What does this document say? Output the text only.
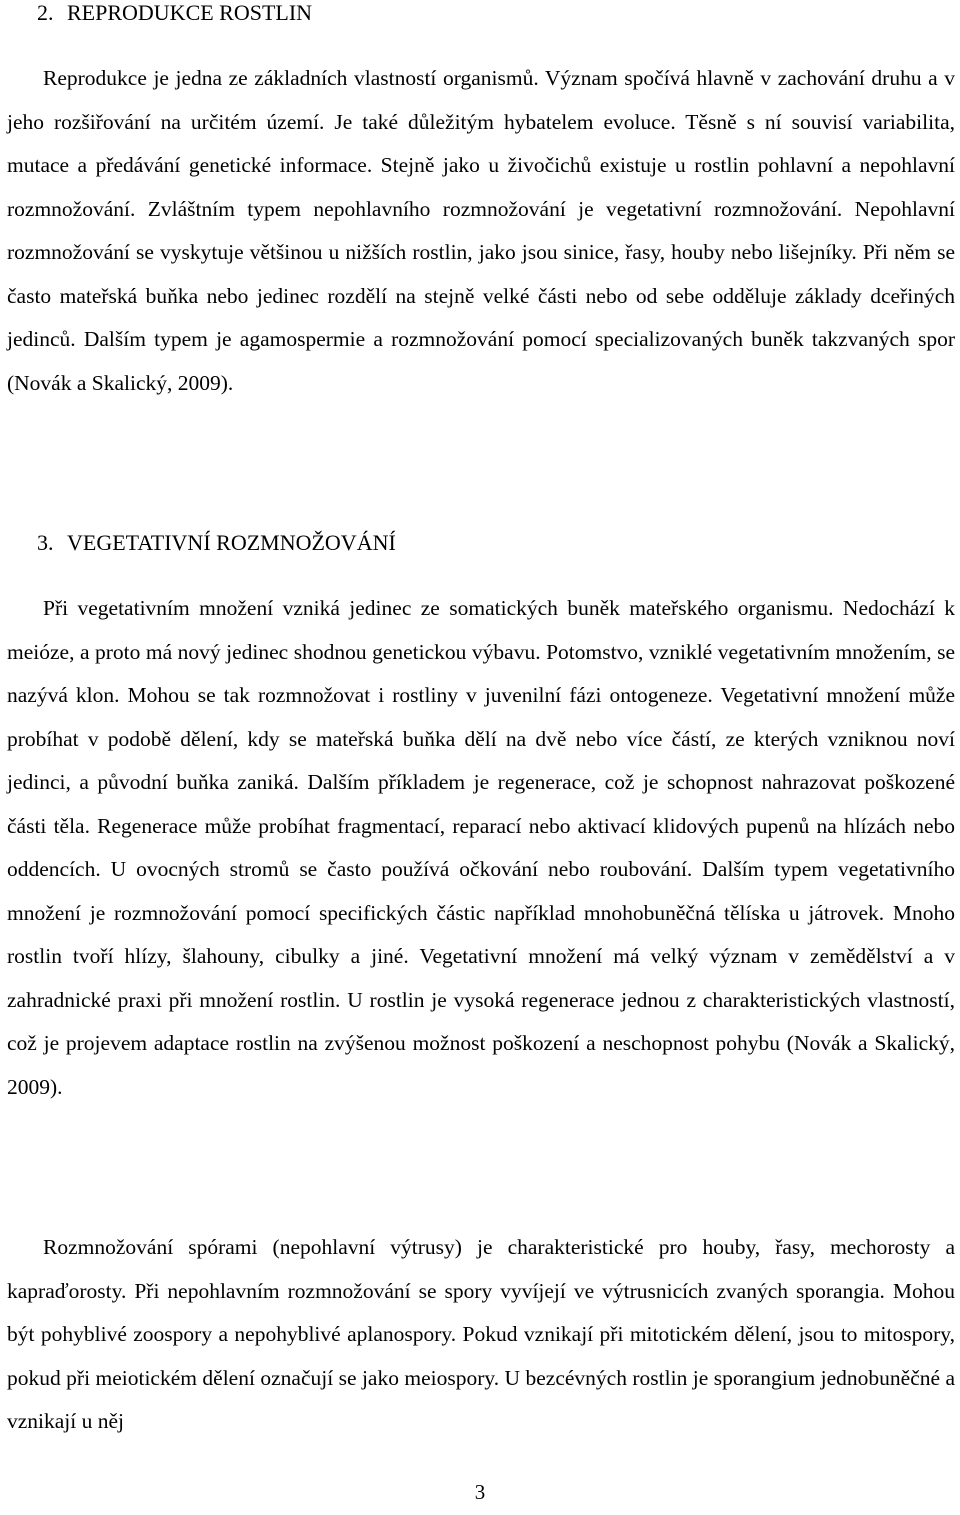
2. REPRODUKCE ROSTLIN

Reprodukce je jedna ze základních vlastností organismů. Význam spočívá hlavně v zachování druhu a v jeho rozšiřování na určitém území. Je také důležitým hybatelem evoluce. Těsně s ní souvisí variabilita, mutace a předávání genetické informace. Stejně jako u živočichů existuje u rostlin pohlavní a nepohlavní rozmnožování. Zvláštním typem nepohlavního rozmnožování je vegetativní rozmnožování. Nepohlavní rozmnožování se vyskytuje většinou u nižších rostlin, jako jsou sinice, řasy, houby nebo lišejníky. Při něm se často mateřská buňka nebo jedinec rozdělí na stejně velké části nebo od sebe odděluje základy dceřiných jedinců. Dalším typem je agamospermie a rozmnožování pomocí specializovaných buněk takzvaných spor (Novák a Skalický, 2009).

3. VEGETATIVNÍ ROZMNOŽOVÁNÍ

Při vegetativním množení vzniká jedinec ze somatických buněk mateřského organismu. Nedochází k meióze, a proto má nový jedinec shodnou genetickou výbavu. Potomstvo, vzniklé vegetativním množením, se nazývá klon. Mohou se tak rozmnožovat i rostliny v juvenilní fázi ontogeneze. Vegetativní množení může probíhat v podobě dělení, kdy se mateřská buňka dělí na dvě nebo více částí, ze kterých vzniknou noví jedinci, a původní buňka zaniká. Dalším příkladem je regenerace, což je schopnost nahrazovat poškozené části těla. Regenerace může probíhat fragmentací, reparací nebo aktivací klidových pupenů na hlízách nebo oddencích. U ovocných stromů se často používá očkování nebo roubování. Dalším typem vegetativního množení je rozmnožování pomocí specifických částic například mnohobuněčná tělíska u játrovek. Mnoho rostlin tvoří hlízy, šlahouny, cibulky a jiné. Vegetativní množení má velký význam v zemědělství a v zahradnické praxi při množení rostlin. U rostlin je vysoká regenerace jednou z charakteristických vlastností, což je projevem adaptace rostlin na zvýšenou možnost poškození a neschopnost pohybu (Novák a Skalický, 2009).

Rozmnožování spórami (nepohlavní výtrusy) je charakteristické pro houby, řasy, mechorosty a kapraďorosty. Při nepohlavním rozmnožování se spory vyvíjejí ve výtrusnicích zvaných sporangia. Mohou být pohyblivé zoospory a nepohyblivé aplanospory. Pokud vznikají při mitotickém dělení, jsou to mitospory, pokud při meiotickém dělení označují se jako meiospory. U bezcévných rostlin je sporangium jednobuněčné a vznikají u něj

3
